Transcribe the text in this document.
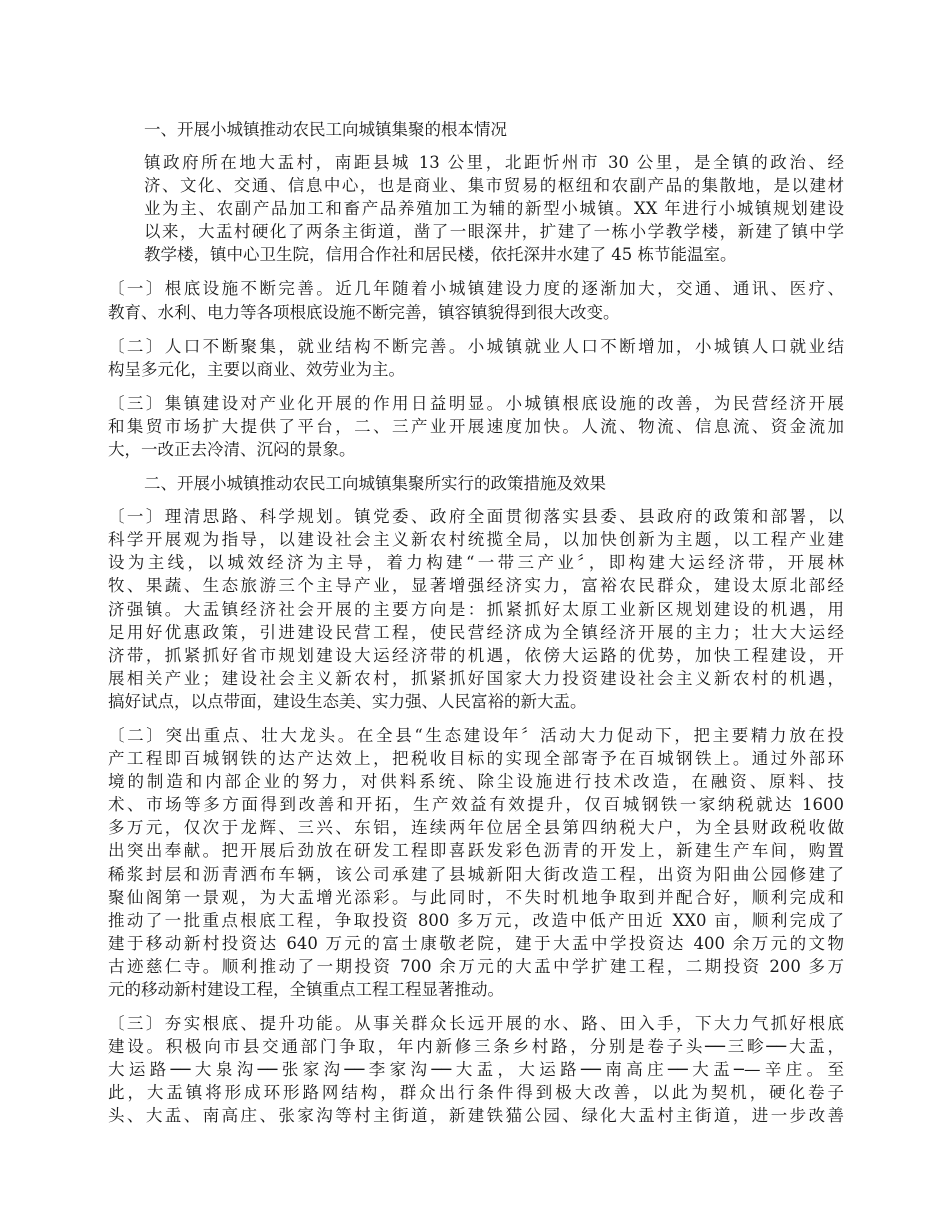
一、开展小城镇推动农民工向城镇集聚的根本情况
镇政府所在地大盂村，南距县城 13 公里，北距忻州市 30 公里，是全镇的政治、经
济、文化、交通、信息中心，也是商业、集市贸易的枢纽和农副产品的集散地，是以建材
业为主、农副产品加工和畜产品养殖加工为辅的新型小城镇。XX 年进行小城镇规划建设
以来，大盂村硬化了两条主街道，凿了一眼深井，扩建了一栋小学教学楼，新建了镇中学
教学楼，镇中心卫生院，信用合作社和居民楼，依托深井水建了 45 栋节能温室。
〔一〕根底设施不断完善。近几年随着小城镇建设力度的逐渐加大，交通、通讯、医疗、
教育、水利、电力等各项根底设施不断完善，镇容镇貌得到很大改变。
〔二〕人口不断聚集，就业结构不断完善。小城镇就业人口不断增加，小城镇人口就业结
构呈多元化，主要以商业、效劳业为主。
〔三〕集镇建设对产业化开展的作用日益明显。小城镇根底设施的改善，为民营经济开展
和集贸市场扩大提供了平台，二、三产业开展速度加快。人流、物流、信息流、资金流加
大，一改正去冷清、沉闷的景象。
二、开展小城镇推动农民工向城镇集聚所实行的政策措施及效果
〔一〕理清思路、科学规划。镇党委、政府全面贯彻落实县委、县政府的政策和部署，以
科学开展观为指导，以建设社会主义新农村统揽全局，以加快创新为主题，以工程产业建
设为主线，以城效经济为主导，着力构建“一带三产业〞，即构建大运经济带，开展林
牧、果蔬、生态旅游三个主导产业，显著增强经济实力，富裕农民群众，建设太原北部经
济强镇。大盂镇经济社会开展的主要方向是：抓紧抓好太原工业新区规划建设的机遇，用
足用好优惠政策，引进建设民营工程，使民营经济成为全镇经济开展的主力；壮大大运经
济带，抓紧抓好省市规划建设大运经济带的机遇，依傍大运路的优势，加快工程建设，开
展相关产业；建设社会主义新农村，抓紧抓好国家大力投资建设社会主义新农村的机遇，
搞好试点，以点带面，建设生态美、实力强、人民富裕的新大盂。
〔二〕突出重点、壮大龙头。在全县“生态建设年〞活动大力促动下，把主要精力放在投
产工程即百城钢铁的达产达效上，把税收目标的实现全部寄予在百城钢铁上。通过外部环
境的制造和内部企业的努力，对供料系统、除尘设施进行技术改造，在融资、原料、技
术、市场等多方面得到改善和开拓，生产效益有效提升，仅百城钢铁一家纳税就达 1600
多万元，仅次于龙辉、三兴、东铝，连续两年位居全县第四纳税大户，为全县财政税收做
出突出奉献。把开展后劲放在研发工程即喜跃发彩色沥青的开发上，新建生产车间，购置
稀浆封层和沥青洒布车辆，该公司承建了县城新阳大街改造工程，出资为阳曲公园修建了
聚仙阁第一景观，为大盂增光添彩。与此同时，不失时机地争取到并配合好，顺利完成和
推动了一批重点根底工程，争取投资 800 多万元，改造中低产田近 XX0 亩，顺利完成了
建于移动新村投资达 640 万元的富士康敬老院，建于大盂中学投资达 400 余万元的文物
古迹慈仁寺。顺利推动了一期投资 700 余万元的大盂中学扩建工程，二期投资 200 多万
元的移动新村建设工程，全镇重点工程工程显著推动。
〔三〕夯实根底、提升功能。从事关群众长远开展的水、路、田入手，下大力气抓好根底
建设。积极向市县交通部门争取，年内新修三条乡村路，分别是卷子头──三畛──大盂，
大运路──大泉沟──张家沟──李家沟──大盂，大运路──南高庄──大盂─—辛庄。至
此，大盂镇将形成环形路网结构，群众出行条件得到极大改善，以此为契机，硬化卷子
头、大盂、南高庄、张家沟等村主街道，新建铁猫公园、绿化大盂村主街道，进一步改善
